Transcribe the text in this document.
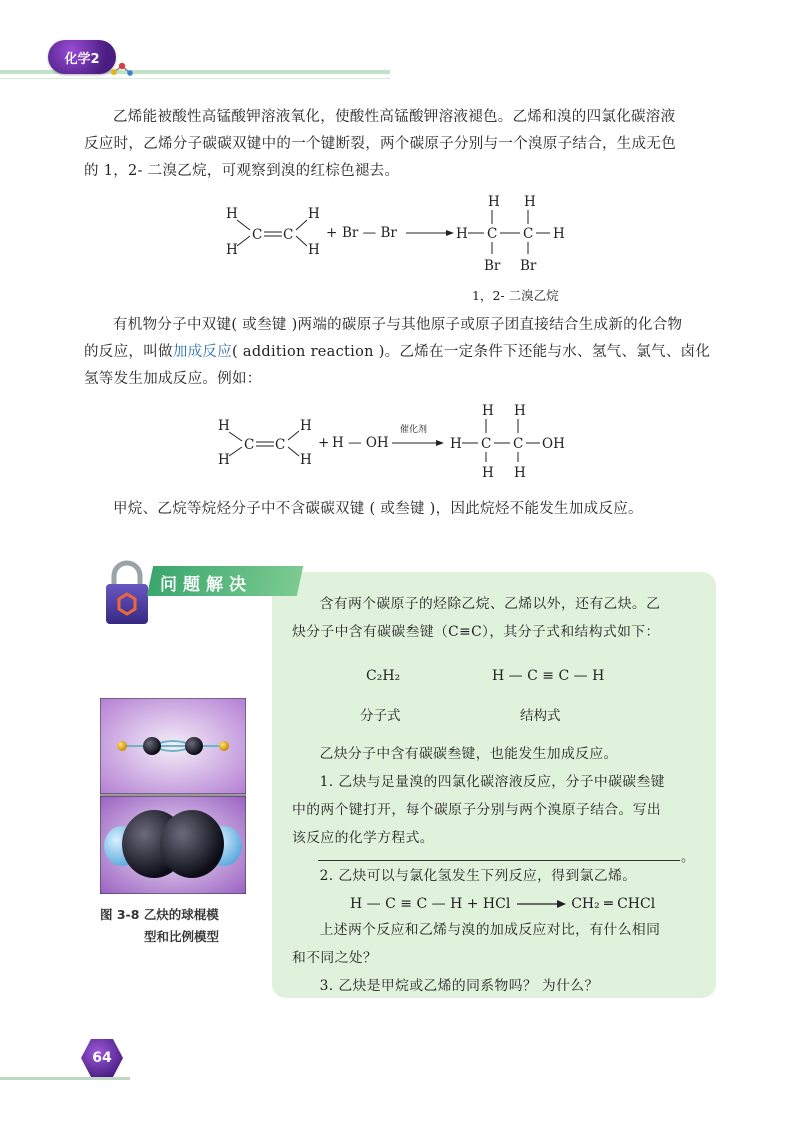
化学2
乙烯能被酸性高锰酸钾溶液氧化，使酸性高锰酸钾溶液褪色。乙烯和溴的四氯化碳溶液
反应时，乙烯分子碳碳双键中的一个键断裂，两个碳原子分别与一个溴原子结合，生成无色
的 1，2- 二溴乙烷，可观察到溴的红棕色褪去。
H
H
C C
H
H
+ Br — Br
H H
H C C H
Br Br
1，2- 二溴乙烷
有机物分子中双键( 或叁键 )两端的碳原子与其他原子或原子团直接结合生成新的化合物
的反应，叫做加成反应( addition reaction )。乙烯在一定条件下还能与水、氢气、氯气、卤化
氢等发生加成反应。例如：
H
H
C C
H
H
+ H — OH
催化剂
H H
H C C OH
H H
甲烷、乙烷等烷烃分子中不含碳碳双键 ( 或叁键 )，因此烷烃不能发生加成反应。
问题解决
含有两个碳原子的烃除乙烷、乙烯以外，还有乙炔。乙
炔分子中含有碳碳叁键（C≡C），其分子式和结构式如下：
C₂H₂	H — C ≡ C — H
分子式	结构式
乙炔分子中含有碳碳叁键，也能发生加成反应。
1. 乙炔与足量溴的四氯化碳溶液反应，分子中碳碳叁键
中的两个键打开，每个碳原子分别与两个溴原子结合。写出
该反应的化学方程式。
。
2. 乙炔可以与氯化氢发生下列反应，得到氯乙烯。
H — C ≡ C — H + HCl → CH₂ ═ CHCl
上述两个反应和乙烯与溴的加成反应对比，有什么相同
和不同之处？
3. 乙炔是甲烷或乙烯的同系物吗？ 为什么？
图 3-8 乙炔的球棍模
型和比例模型
64
